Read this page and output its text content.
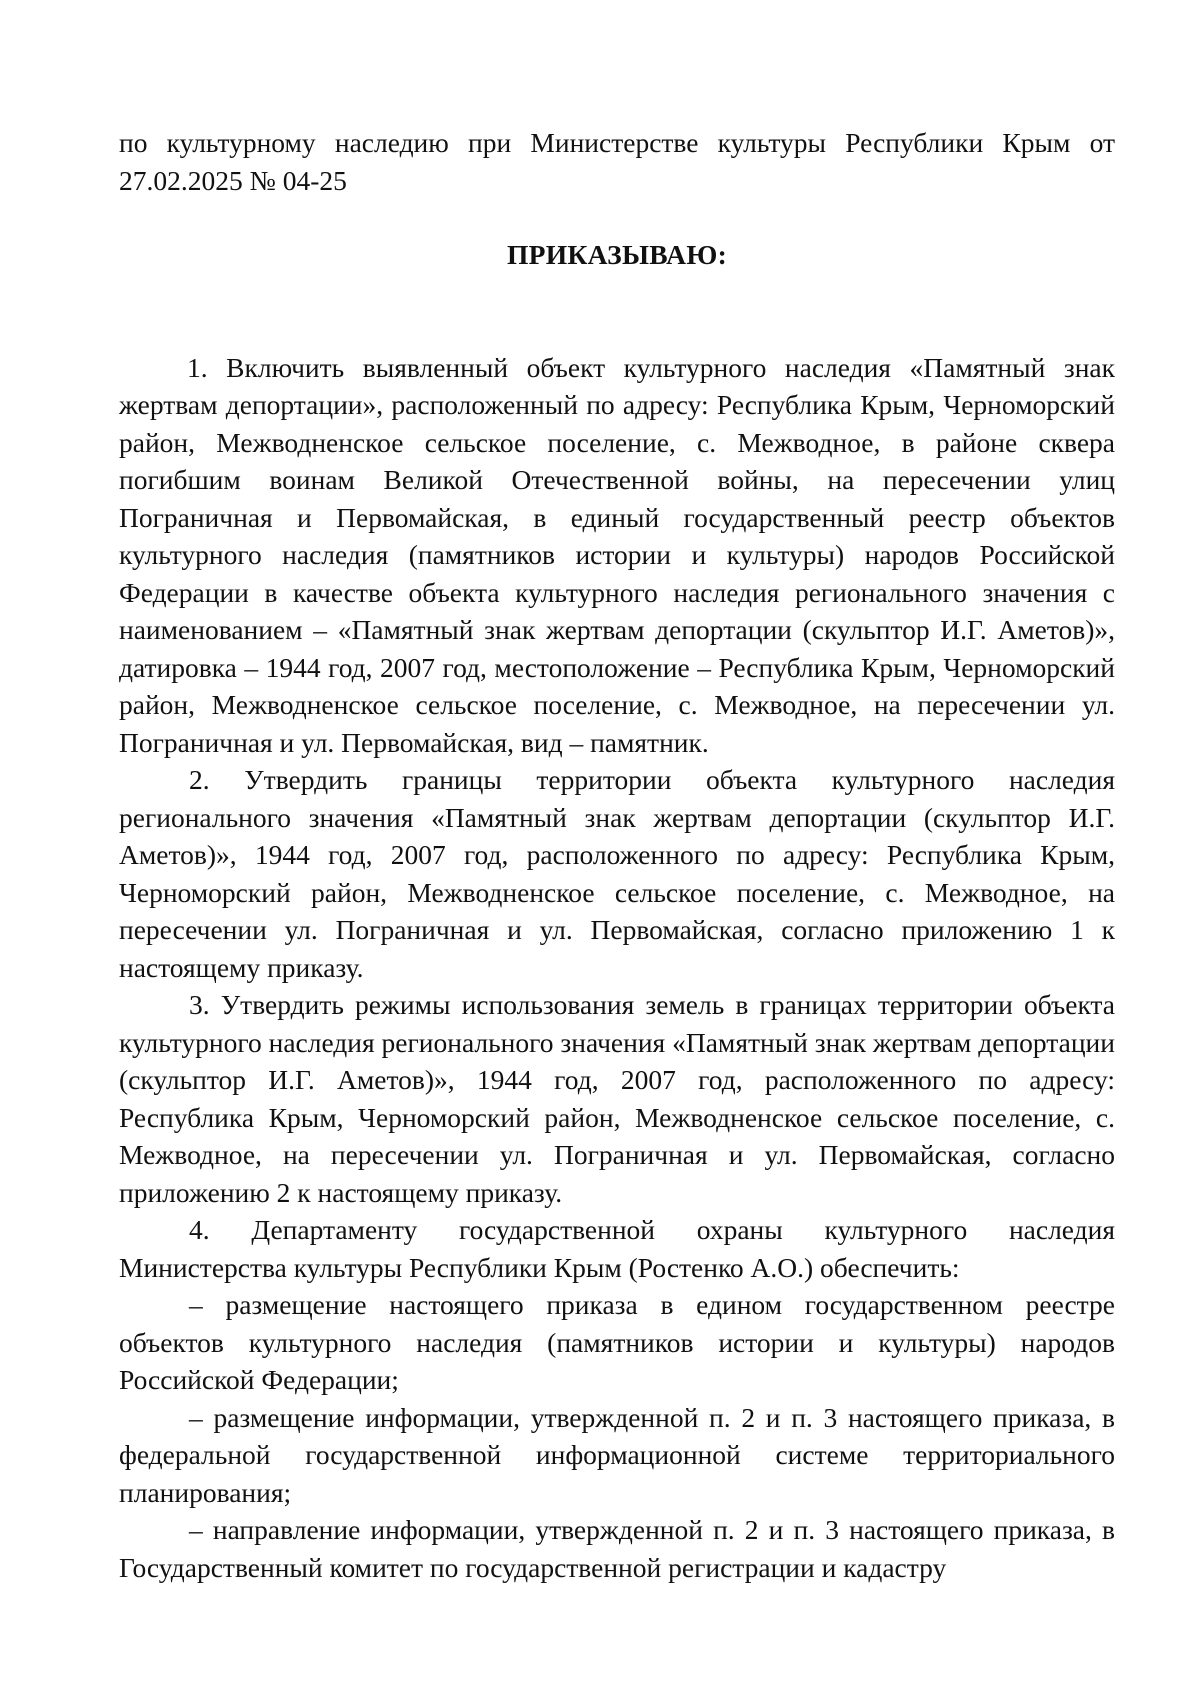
по культурному наследию при Министерстве культуры Республики Крым от 27.02.2025 № 04-25

ПРИКАЗЫВАЮ:

1. Включить выявленный объект культурного наследия «Памятный знак жертвам депортации», расположенный по адресу: Республика Крым, Черноморский район, Межводненское сельское поселение, с. Межводное, в районе сквера погибшим воинам Великой Отечественной войны, на пересечении улиц Пограничная и Первомайская, в единый государственный реестр объектов культурного наследия (памятников истории и культуры) народов Российской Федерации в качестве объекта культурного наследия регионального значения с наименованием – «Памятный знак жертвам депортации (скульптор И.Г. Аметов)», датировка – 1944 год, 2007 год, местоположение – Республика Крым, Черноморский район, Межводненское сельское поселение, с. Межводное, на пересечении ул. Пограничная и ул. Первомайская, вид – памятник.

2. Утвердить границы территории объекта культурного наследия регионального значения «Памятный знак жертвам депортации (скульптор И.Г. Аметов)», 1944 год, 2007 год, расположенного по адресу: Республика Крым, Черноморский район, Межводненское сельское поселение, с. Межводное, на пересечении ул. Пограничная и ул. Первомайская, согласно приложению 1 к настоящему приказу.

3. Утвердить режимы использования земель в границах территории объекта культурного наследия регионального значения «Памятный знак жертвам депортации (скульптор И.Г. Аметов)», 1944 год, 2007 год, расположенного по адресу: Республика Крым, Черноморский район, Межводненское сельское поселение, с. Межводное, на пересечении ул. Пограничная и ул. Первомайская, согласно приложению 2 к настоящему приказу.

4. Департаменту государственной охраны культурного наследия Министерства культуры Республики Крым (Ростенко А.О.) обеспечить:

– размещение настоящего приказа в едином государственном реестре объектов культурного наследия (памятников истории и культуры) народов Российской Федерации;

– размещение информации, утвержденной п. 2 и п. 3 настоящего приказа, в федеральной государственной информационной системе территориального планирования;

– направление информации, утвержденной п. 2 и п. 3 настоящего приказа, в Государственный комитет по государственной регистрации и кадастру
